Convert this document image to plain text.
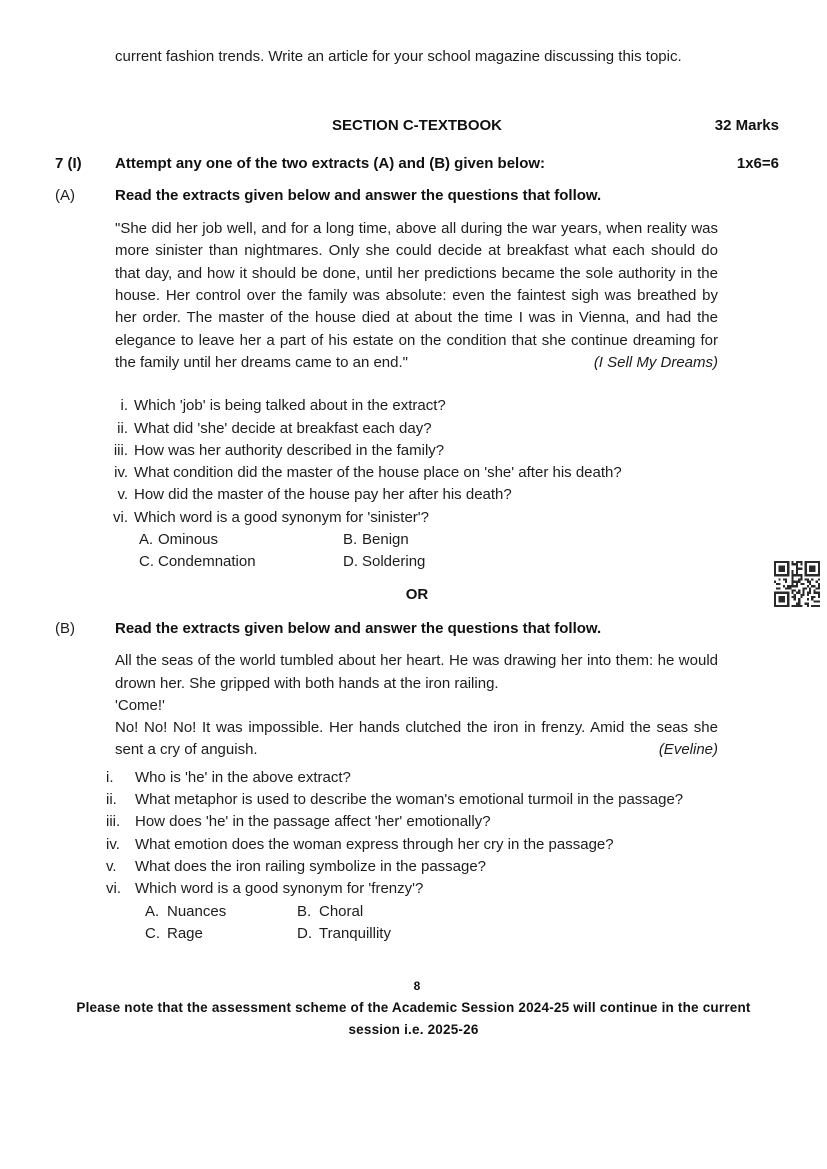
current fashion trends. Write an article for your school magazine discussing this topic.

SECTION C-TEXTBOOK	32 Marks
7 (I)	Attempt any one of the two extracts (A) and (B) given below:	1x6=6
(A)	Read the extracts given below and answer the questions that follow.

"She did her job well, and for a long time, above all during the war years, when reality was more sinister than nightmares. Only she could decide at breakfast what each should do that day, and how it should be done, until her predictions became the sole authority in the house. Her control over the family was absolute: even the faintest sigh was breathed by her order. The master of the house died at about the time I was in Vienna, and had the elegance to leave her a part of his estate on the condition that she continue dreaming for the family until her dreams came to an end."	(I Sell My Dreams)

i. Which 'job' is being talked about in the extract?
ii. What did 'she' decide at breakfast each day?
iii. How was her authority described in the family?
iv. What condition did the master of the house place on 'she' after his death?
v. How did the master of the house pay her after his death?
vi. Which word is a good synonym for 'sinister'?
A. Ominous	B. Benign
C. Condemnation	D. Soldering
OR
(B)	Read the extracts given below and answer the questions that follow.

All the seas of the world tumbled about her heart. He was drawing her into them: he would drown her. She gripped with both hands at the iron railing.

'Come!'

No! No! No! It was impossible. Her hands clutched the iron in frenzy. Amid the seas she sent a cry of anguish.	(Eveline)

i.	Who is 'he' in the above extract?
ii.	What metaphor is used to describe the woman's emotional turmoil in the passage?
iii. How does 'he' in the passage affect 'her' emotionally?
iv.	What emotion does the woman express through her cry in the passage?
v.	What does the iron railing symbolize in the passage?
vi. Which word is a good synonym for 'frenzy'?
A. Nuances	B. Choral
C. Rage	D. Tranquillity
8
Please note that the assessment scheme of the Academic Session 2024-25 will continue in the current session i.e. 2025-26
